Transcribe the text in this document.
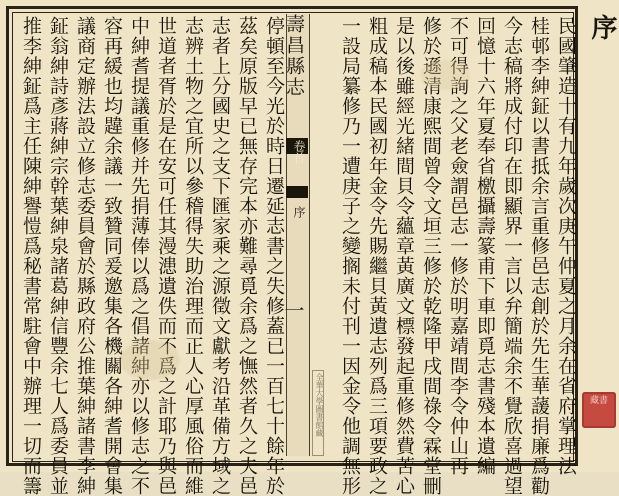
序
民國肇造十有九年歲次庚午仲夏之月余在省府掌理法
桂邨李紳鉦以書抵余言重修邑志創於先生華蘐捐廉爲勸
今志稿將成付印在即顯界一言以弁簡端余不覺欣喜過望
回憶十六年夏奉省檄攝壽篆甫下車即覓志書殘本遺編
不可得詢之父老僉謂邑志一修於明嘉靖間李令仲山再
修於遜清康熙間曾令文垣三修於乾隆甲戌間祿令霖堂刪
是以後雖經光緒間貝令蘊章黃廣文標發起重修然費苦心
粗成稿本民國初年金令先賜繼貝黃遺志列爲三項要政之
一設局纂修乃一遭庚子之變搁未付刊一因金令他調無形
壽昌縣志
卷首
序
一
全華大學圖書館藏
停頓至今光於時日遷延志書之失修蓋已一百七十餘年於
茲矣原版早已無存完本亦難尋覓余爲之憮然者久之夫邑
志者上分國史之支下匯家乘之源徵文獻考沿革備方域之
志辨土物之宜所以參稽得失助治理而正人心厚風俗而維
世道者胥於是在安可任其漫漶遺佚而不爲之計耶乃與邑
中紳耆提議重修并先捐薄俸以爲之倡諸紳亦以修志之不
容再緩也均韙余議一致贊同爰邀集各機關各紳耆開會集
議商定辦法設立修志委員會於縣政府公推葉紳諸書李紳
鉦翁紳詩彥蔣紳宗幹葉紳泉諸葛紳信豐余七人爲委員並
推李紳鉦爲主任陳紳譽愷爲秘書常駐會中辦理一切而籌	藏書
